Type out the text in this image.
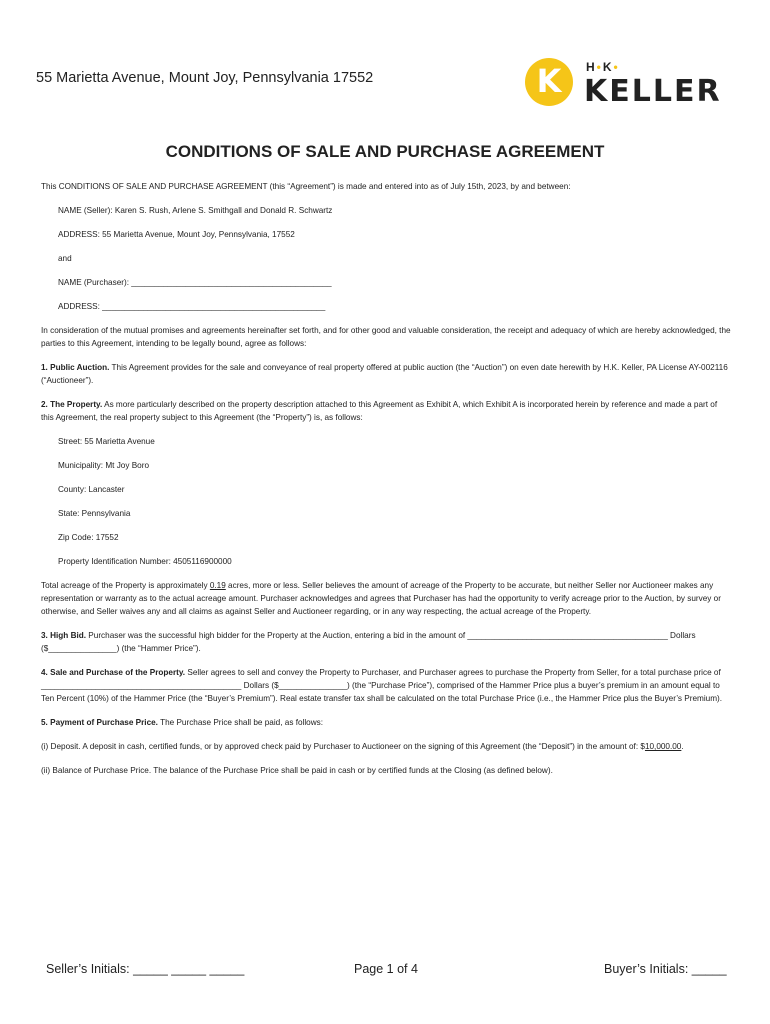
55 Marietta Avenue, Mount Joy, Pennsylvania 17552	K	H•K•
KELLER
CONDITIONS OF SALE AND PURCHASE AGREEMENT

This CONDITIONS OF SALE AND PURCHASE AGREEMENT (this “Agreement”) is made and entered into as of July 15th, 2023, by and between:

NAME (Seller): Karen S. Rush, Arlene S. Smithgall and Donald R. Schwartz

ADDRESS: 55 Marietta Avenue, Mount Joy, Pennsylvania, 17552

and

NAME (Purchaser): ____________________________________________

ADDRESS: _________________________________________________

In consideration of the mutual promises and agreements hereinafter set forth, and for other good and valuable consideration, the receipt and adequacy of which are hereby acknowledged, the parties to this Agreement, intending to be legally bound, agree as follows:

1. Public Auction. This Agreement provides for the sale and conveyance of real property offered at public auction (the “Auction”) on even date herewith by H.K. Keller, PA License AY-002116 (“Auctioneer”).

2. The Property. As more particularly described on the property description attached to this Agreement as Exhibit A, which Exhibit A is incorporated herein by reference and made a part of this Agreement, the real property subject to this Agreement (the “Property”) is, as follows:

Street: 55 Marietta Avenue

Municipality: Mt Joy Boro

County: Lancaster

State: Pennsylvania

Zip Code: 17552

Property Identification Number: 4505116900000

Total acreage of the Property is approximately 0.19 acres, more or less. Seller believes the amount of acreage of the Property to be accurate, but neither Seller nor Auctioneer makes any representation or warranty as to the actual acreage amount. Purchaser acknowledges and agrees that Purchaser has had the opportunity to verify acreage prior to the Auction, by survey or otherwise, and Seller waives any and all claims as against Seller and Auctioneer regarding, or in any way respecting, the actual acreage of the Property.

3. High Bid. Purchaser was the successful high bidder for the Property at the Auction, entering a bid in the amount of ____________________________________________ Dollars ($_______________) (the “Hammer Price”).

4. Sale and Purchase of the Property. Seller agrees to sell and convey the Property to Purchaser, and Purchaser agrees to purchase the Property from Seller, for a total purchase price of ____________________________________________ Dollars ($_______________) (the “Purchase Price”), comprised of the Hammer Price plus a buyer’s premium in an amount equal to Ten Percent (10%) of the Hammer Price (the “Buyer’s Premium”). Real estate transfer tax shall be calculated on the total Purchase Price (i.e., the Hammer Price plus the Buyer’s Premium).

5. Payment of Purchase Price. The Purchase Price shall be paid, as follows:

(i) Deposit. A deposit in cash, certified funds, or by approved check paid by Purchaser to Auctioneer on the signing of this Agreement (the “Deposit”) in the amount of: $10,000.00.

(ii) Balance of Purchase Price. The balance of the Purchase Price shall be paid in cash or by certified funds at the Closing (as defined below).

Seller’s Initials: _____ _____ _____	Page 1 of 4	Buyer’s Initials: _____
